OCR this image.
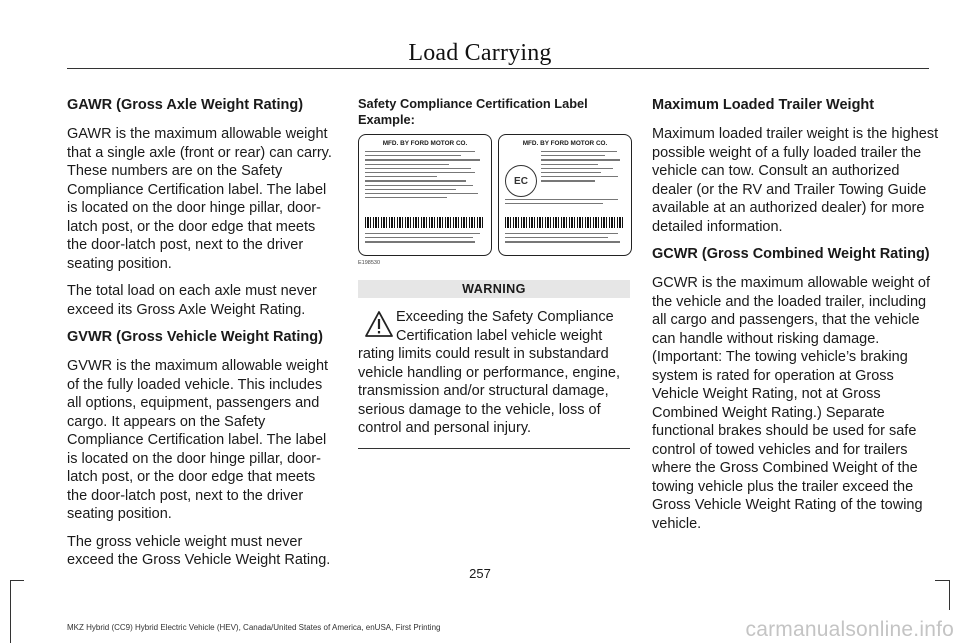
Load Carrying
GAWR (Gross Axle Weight Rating)

GAWR is the maximum allowable weight that a single axle (front or rear) can carry. These numbers are on the Safety Compliance Certification label. The label is located on the door hinge pillar, door-latch post, or the door edge that meets the door-latch post, next to the driver seating position.

The total load on each axle must never exceed its Gross Axle Weight Rating.

GVWR (Gross Vehicle Weight Rating)

GVWR is the maximum allowable weight of the fully loaded vehicle. This includes all options, equipment, passengers and cargo. It appears on the Safety Compliance Certification label. The label is located on the door hinge pillar, door-latch post, or the door edge that meets the door-latch post, next to the driver seating position.

The gross vehicle weight must never exceed the Gross Vehicle Weight Rating.

Safety Compliance Certification Label Example:
MFD. BY FORD MOTOR CO.	MFD. BY FORD MOTOR CO.
EC
E198530
WARNING
Exceeding the Safety Compliance Certification label vehicle weight
rating limits could result in substandard vehicle handling or performance, engine, transmission and/or structural damage, serious damage to the vehicle, loss of control and personal injury.
Maximum Loaded Trailer Weight

Maximum loaded trailer weight is the highest possible weight of a fully loaded trailer the vehicle can tow. Consult an authorized dealer (or the RV and Trailer Towing Guide available at an authorized dealer) for more detailed information.

GCWR (Gross Combined Weight Rating)

GCWR is the maximum allowable weight of the vehicle and the loaded trailer, including all cargo and passengers, that the vehicle can handle without risking damage. (Important: The towing vehicle’s braking system is rated for operation at Gross Vehicle Weight Rating, not at Gross Combined Weight Rating.) Separate functional brakes should be used for safe control of towed vehicles and for trailers where the Gross Combined Weight of the towing vehicle plus the trailer exceed the Gross Vehicle Weight Rating of the towing vehicle.

257
MKZ Hybrid (CC9) Hybrid Electric Vehicle (HEV), Canada/United States of America, enUSA, First Printing	carmanualsonline.info
